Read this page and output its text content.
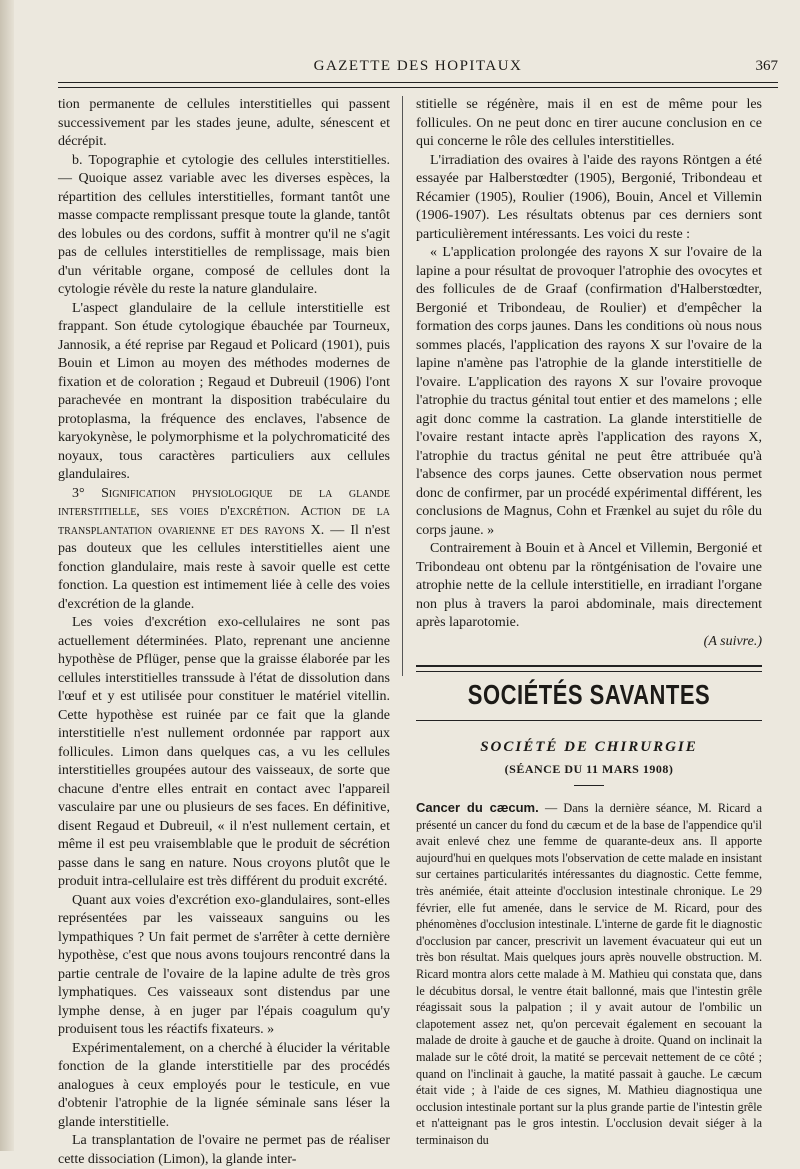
GAZETTE DES HOPITAUX	367

tion permanente de cellules interstitielles qui passent successivement par les stades jeune, adulte, sénescent et décrépit.

b. Topographie et cytologie des cellules interstitielles. — Quoique assez variable avec les diverses espèces, la répartition des cellules interstitielles, formant tantôt une masse compacte remplissant presque toute la glande, tantôt des lobules ou des cordons, suffit à montrer qu'il ne s'agit pas de cellules interstitielles de remplissage, mais bien d'un véritable organe, composé de cellules dont la cytologie révèle du reste la nature glandulaire.

L'aspect glandulaire de la cellule interstitielle est frappant. Son étude cytologique ébauchée par Tourneux, Jannosik, a été reprise par Regaud et Policard (1901), puis Bouin et Limon au moyen des méthodes modernes de fixation et de coloration ; Regaud et Dubreuil (1906) l'ont parachevée en montrant la disposition trabéculaire du protoplasma, la fréquence des enclaves, l'absence de karyokynèse, le polymorphisme et la polychromaticité des noyaux, tous caractères particuliers aux cellules glandulaires.

3° Signification physiologique de la glande interstitielle, ses voies d'excrétion. Action de la transplantation ovarienne et des rayons X. — Il n'est pas douteux que les cellules interstitielles aient une fonction glandulaire, mais reste à savoir quelle est cette fonction. La question est intimement liée à celle des voies d'excrétion de la glande.

Les voies d'excrétion exo-cellulaires ne sont pas actuellement déterminées. Plato, reprenant une ancienne hypothèse de Pflüger, pense que la graisse élaborée par les cellules interstitielles transsude à l'état de dissolution dans l'œuf et y est utilisée pour constituer le matériel vitellin. Cette hypothèse est ruinée par ce fait que la glande interstitielle n'est nullement ordonnée par rapport aux follicules. Limon dans quelques cas, a vu les cellules interstitielles groupées autour des vaisseaux, de sorte que chacune d'entre elles entrait en contact avec l'appareil vasculaire par une ou plusieurs de ses faces. En définitive, disent Regaud et Dubreuil, « il n'est nullement certain, et même il est peu vraisemblable que le produit de sécrétion passe dans le sang en nature. Nous croyons plutôt que le produit intra-cellulaire est très différent du produit excrété.

Quant aux voies d'excrétion exo-glandulaires, sont-elles représentées par les vaisseaux sanguins ou les lympathiques ? Un fait permet de s'arrêter à cette dernière hypothèse, c'est que nous avons toujours rencontré dans la partie centrale de l'ovaire de la lapine adulte de très gros lymphatiques. Ces vaisseaux sont distendus par une lymphe dense, à en juger par l'épais coagulum qu'y produisent tous les réactifs fixateurs. »

Expérimentalement, on a cherché à élucider la véritable fonction de la glande interstitielle par des procédés analogues à ceux employés pour le testicule, en vue d'obtenir l'atrophie de la lignée séminale sans léser la glande interstitielle.

La transplantation de l'ovaire ne permet pas de réaliser cette dissociation (Limon), la glande inter-

stitielle se régénère, mais il en est de même pour les follicules. On ne peut donc en tirer aucune conclusion en ce qui concerne le rôle des cellules interstitielles.

L'irradiation des ovaires à l'aide des rayons Röntgen a été essayée par Halberstœdter (1905), Bergonié, Tribondeau et Récamier (1905), Roulier (1906), Bouin, Ancel et Villemin (1906-1907). Les résultats obtenus par ces derniers sont particulièrement intéressants. Les voici du reste :

« L'application prolongée des rayons X sur l'ovaire de la lapine a pour résultat de provoquer l'atrophie des ovocytes et des follicules de de Graaf (confirmation d'Halberstœdter, Bergonié et Tribondeau, de Roulier) et d'empêcher la formation des corps jaunes. Dans les conditions où nous nous sommes placés, l'application des rayons X sur l'ovaire de la lapine n'amène pas l'atrophie de la glande interstitielle de l'ovaire. L'application des rayons X sur l'ovaire provoque l'atrophie du tractus génital tout entier et des mamelons ; elle agit donc comme la castration. La glande interstitielle de l'ovaire restant intacte après l'application des rayons X, l'atrophie du tractus génital ne peut être attribuée qu'à l'absence des corps jaunes. Cette observation nous permet donc de confirmer, par un procédé expérimental différent, les conclusions de Magnus, Cohn et Frænkel au sujet du rôle du corps jaune. »

Contrairement à Bouin et à Ancel et Villemin, Bergonié et Tribondeau ont obtenu par la röntgénisation de l'ovaire une atrophie nette de la cellule interstitielle, en irradiant l'organe non plus à travers la paroi abdominale, mais directement après laparotomie.

(A suivre.)

SOCIÉTÉS SAVANTES
SOCIÉTÉ DE CHIRURGIE
(SÉANCE DU 11 MARS 1908)

Cancer du cæcum. — Dans la dernière séance, M. Ricard a présenté un cancer du fond du cæcum et de la base de l'appendice qu'il avait enlevé chez une femme de quarante-deux ans. Il apporte aujourd'hui en quelques mots l'observation de cette malade en insistant sur certaines particularités intéressantes du diagnostic. Cette femme, très anémiée, était atteinte d'occlusion intestinale chronique. Le 29 février, elle fut amenée, dans le service de M. Ricard, pour des phénomènes d'occlusion intestinale. L'interne de garde fit le diagnostic d'occlusion par cancer, prescrivit un lavement évacuateur qui eut un très bon résultat. Mais quelques jours après nouvelle obstruction. M. Ricard montra alors cette malade à M. Mathieu qui constata que, dans le décubitus dorsal, le ventre était ballonné, mais que l'intestin grêle réagissait sous la palpation ; il y avait autour de l'ombilic un clapotement assez net, qu'on percevait également en secouant la malade de droite à gauche et de gauche à droite. Quand on inclinait la malade sur le côté droit, la matité se percevait nettement de ce côté ; quand on l'inclinait à gauche, la matité passait à gauche. Le cæcum était vide ; à l'aide de ces signes, M. Mathieu diagnostiqua une occlusion intestinale portant sur la plus grande partie de l'intestin grêle et n'atteignant pas le gros intestin. L'occlusion devait siéger à la terminaison du
